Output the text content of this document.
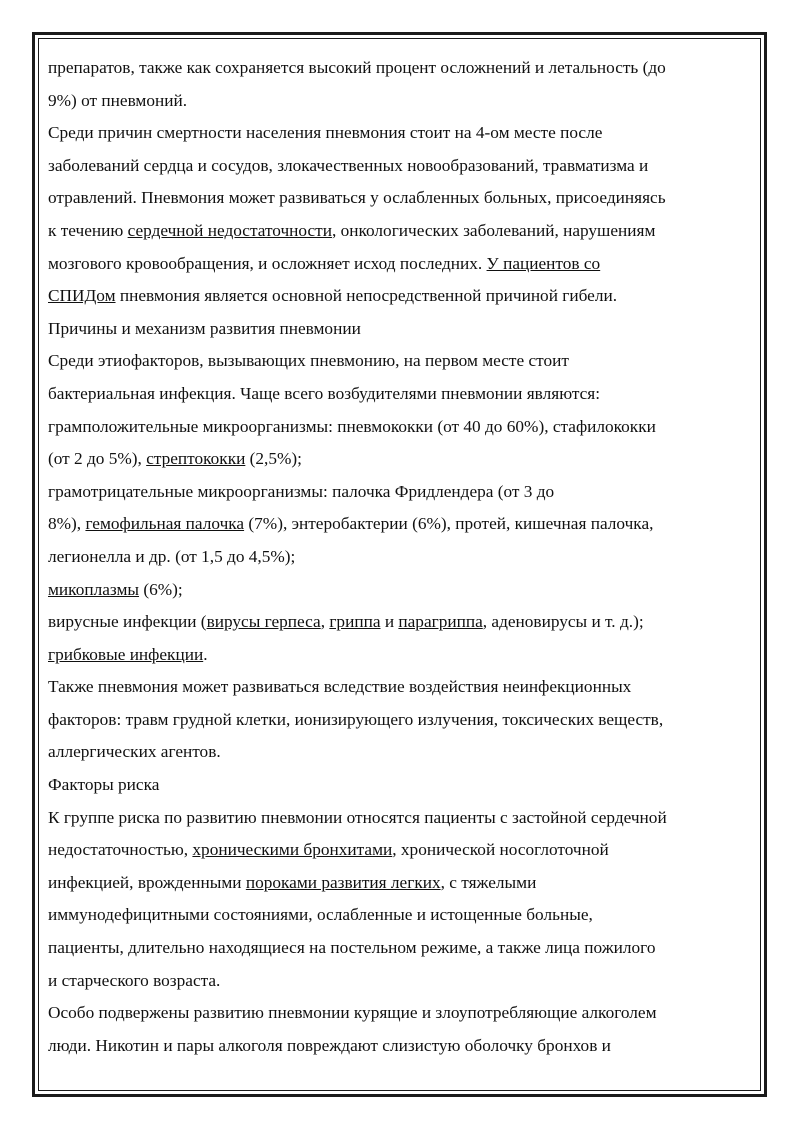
препаратов, также как сохраняется высокий процент осложнений и летальность (до
9%) от пневмоний.
Среди причин смертности населения пневмония стоит на 4-ом месте после
заболеваний сердца и сосудов, злокачественных новообразований, травматизма и
отравлений. Пневмония может развиваться у ослабленных больных, присоединяясь
к течению сердечной недостаточности, онкологических заболеваний, нарушениям
мозгового кровообращения, и осложняет исход последних. У пациентов со
СПИДом пневмония является основной непосредственной причиной гибели.
Причины и механизм развития пневмонии
Среди этиофакторов, вызывающих пневмонию, на первом месте стоит
бактериальная инфекция. Чаще всего возбудителями пневмонии являются:
грамположительные микроорганизмы: пневмококки (от 40 до 60%), стафилококки
(от 2 до 5%), стрептококки (2,5%);
грамотрицательные микроорганизмы: палочка Фридлендера (от 3 до
8%), гемофильная палочка (7%), энтеробактерии (6%), протей, кишечная палочка,
легионелла и др. (от 1,5 до 4,5%);
микоплазмы (6%);
вирусные инфекции (вирусы герпеса, гриппа и парагриппа, аденовирусы и т. д.);
грибковые инфекции.
Также пневмония может развиваться вследствие воздействия неинфекционных
факторов: травм грудной клетки, ионизирующего излучения, токсических веществ,
аллергических агентов.
Факторы риска
К группе риска по развитию пневмонии относятся пациенты с застойной сердечной
недостаточностью, хроническими бронхитами, хронической носоглоточной
инфекцией, врожденными пороками развития легких, с тяжелыми
иммунодефицитными состояниями, ослабленные и истощенные больные,
пациенты, длительно находящиеся на постельном режиме, а также лица пожилого
и старческого возраста.
Особо подвержены развитию пневмонии курящие и злоупотребляющие алкоголем
люди. Никотин и пары алкоголя повреждают слизистую оболочку бронхов и
